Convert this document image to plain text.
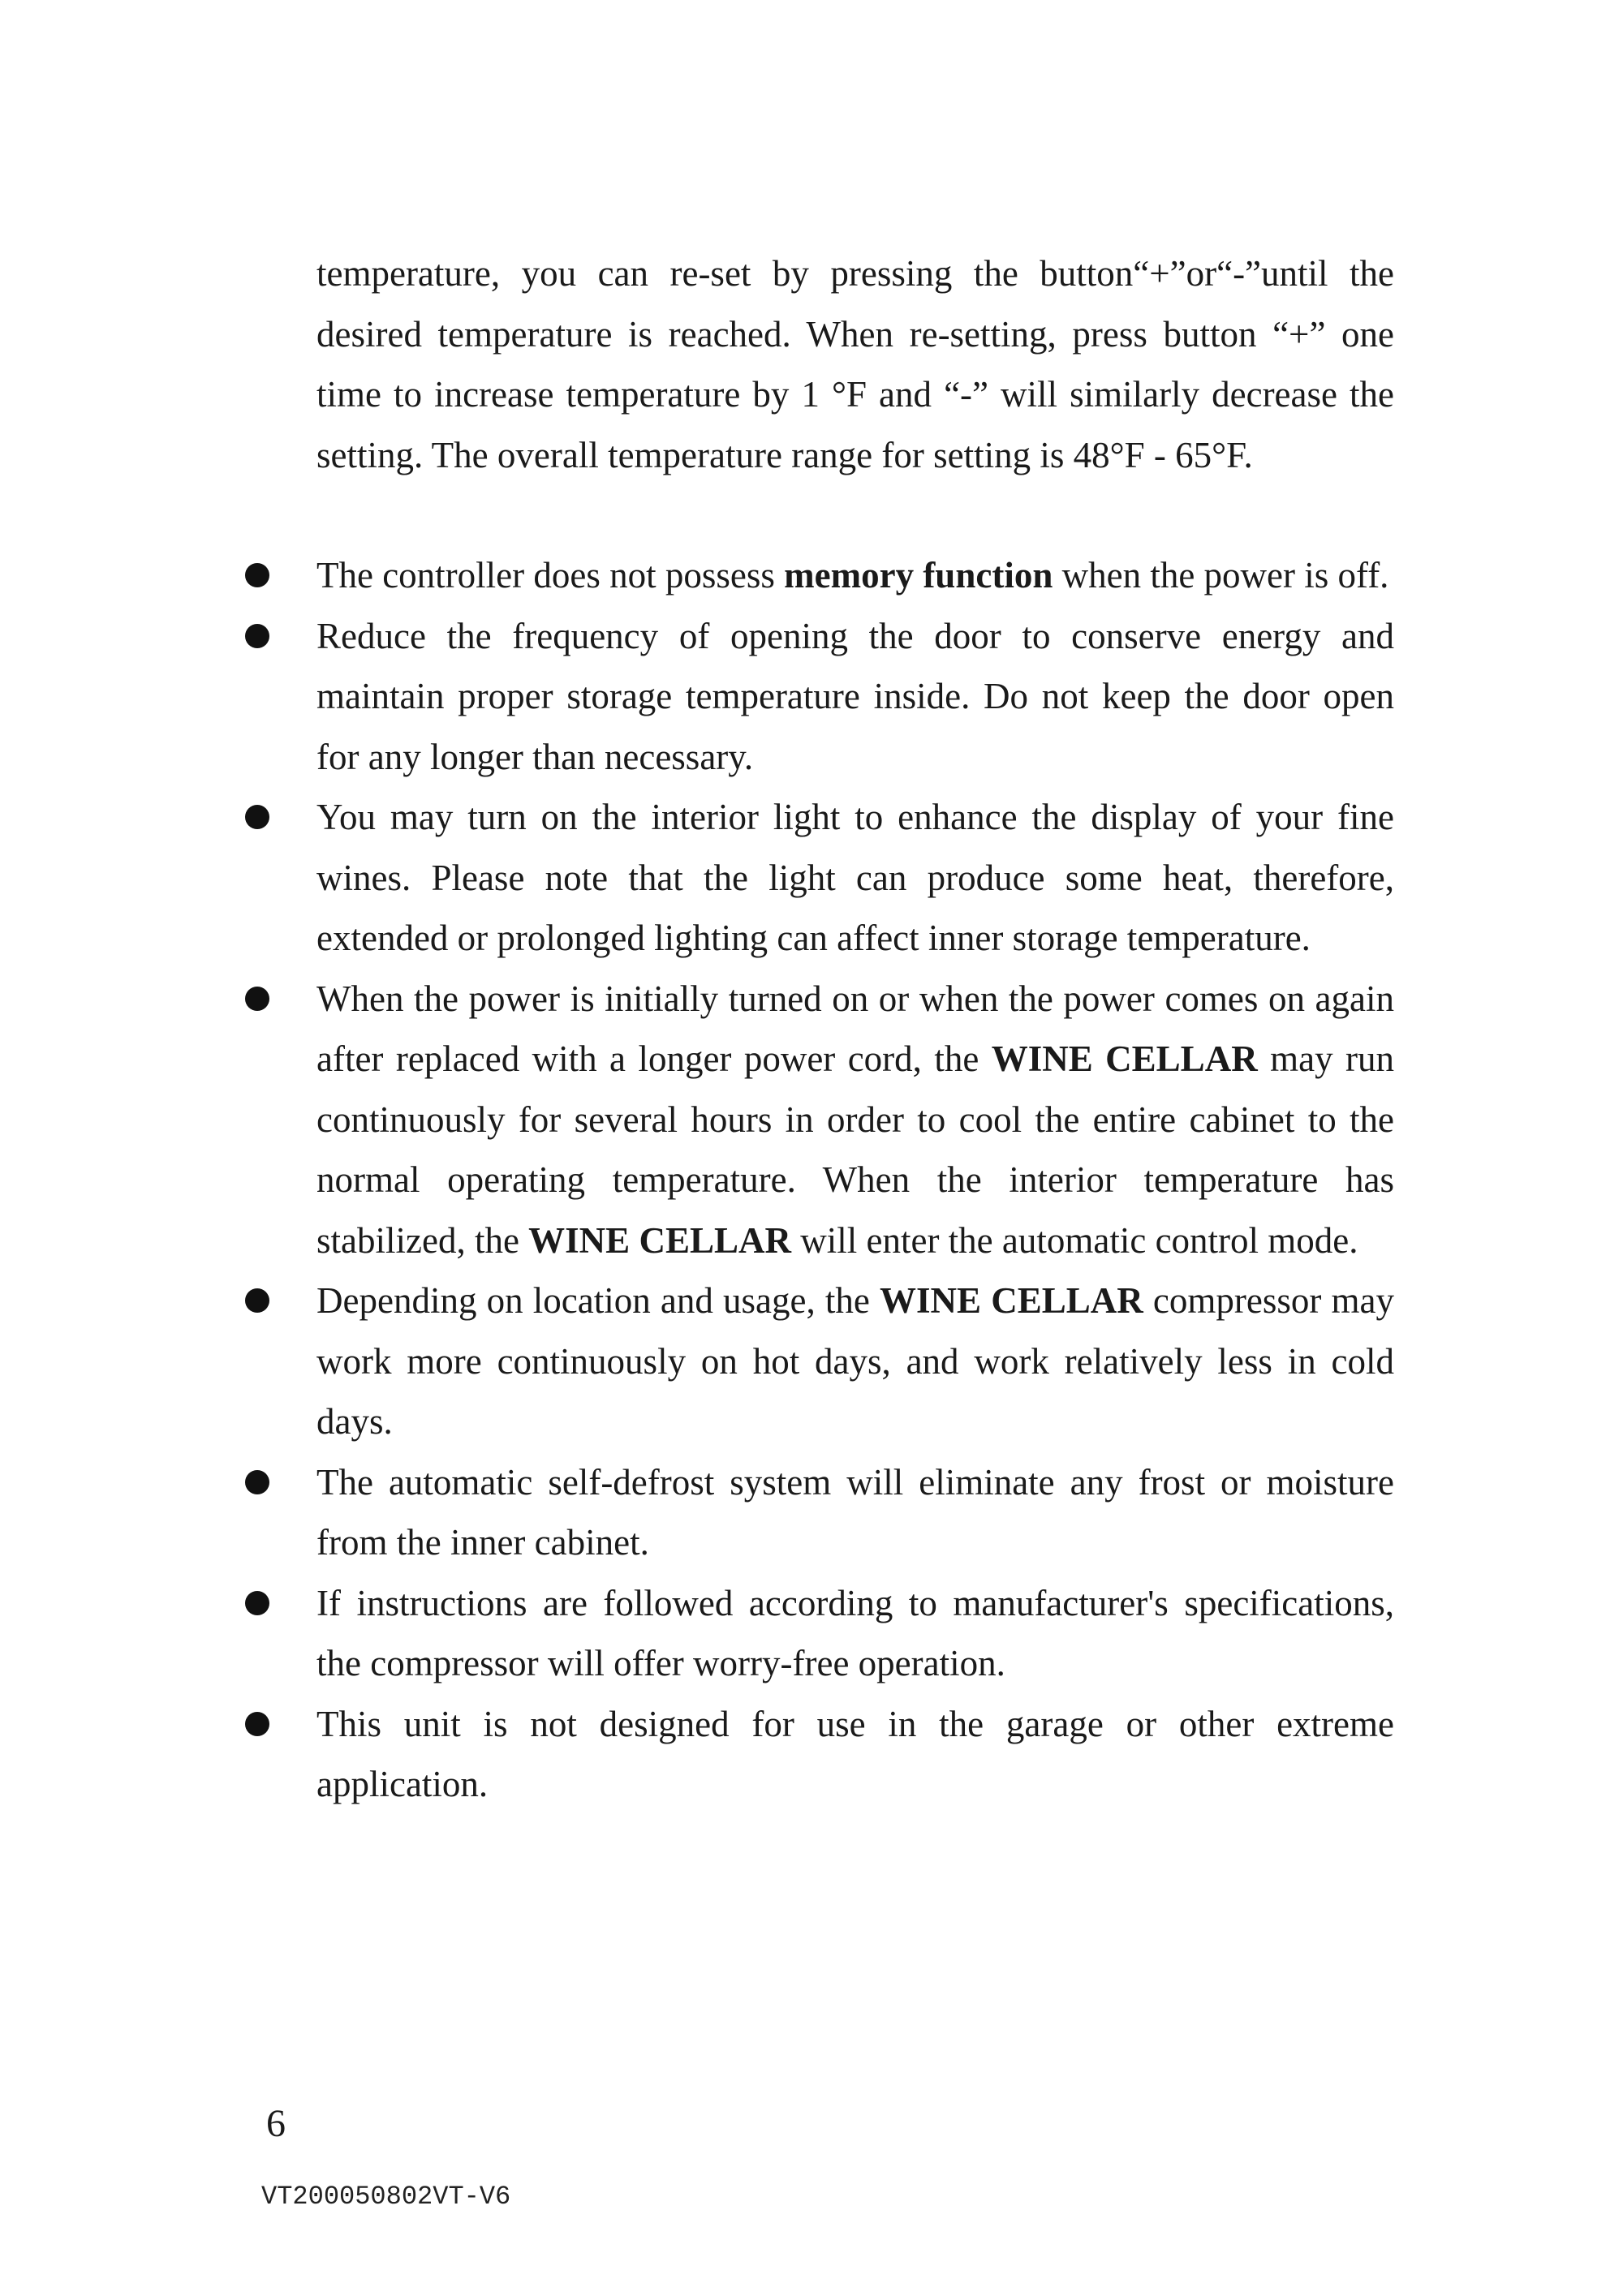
temperature, you can re-set by pressing the button“+”or“-”until the desired temperature is reached. When re-setting, press button “+” one time to increase temperature by 1 °F and “-” will similarly decrease the setting. The overall temperature range for setting is 48°F - 65°F.
The controller does not possess memory function when the power is off.
Reduce the frequency of opening the door to conserve energy and maintain proper storage temperature inside. Do not keep the door open for any longer than necessary.
You may turn on the interior light to enhance the display of your fine wines. Please note that the light can produce some heat, therefore, extended or prolonged lighting can affect inner storage temperature.
When the power is initially turned on or when the power comes on again after replaced with a longer power cord, the WINE CELLAR may run continuously for several hours in order to cool the entire cabinet to the normal operating temperature. When the interior temperature has stabilized, the WINE CELLAR will enter the automatic control mode.
Depending on location and usage, the WINE CELLAR compressor may work more continuously on hot days, and work relatively less in cold days.
The automatic self-defrost system will eliminate any frost or moisture from the inner cabinet.
If instructions are followed according to manufacturer's specifications, the compressor will offer worry-free operation.
This unit is not designed for use in the garage or other extreme application.
6
VT200050802VT-V6
